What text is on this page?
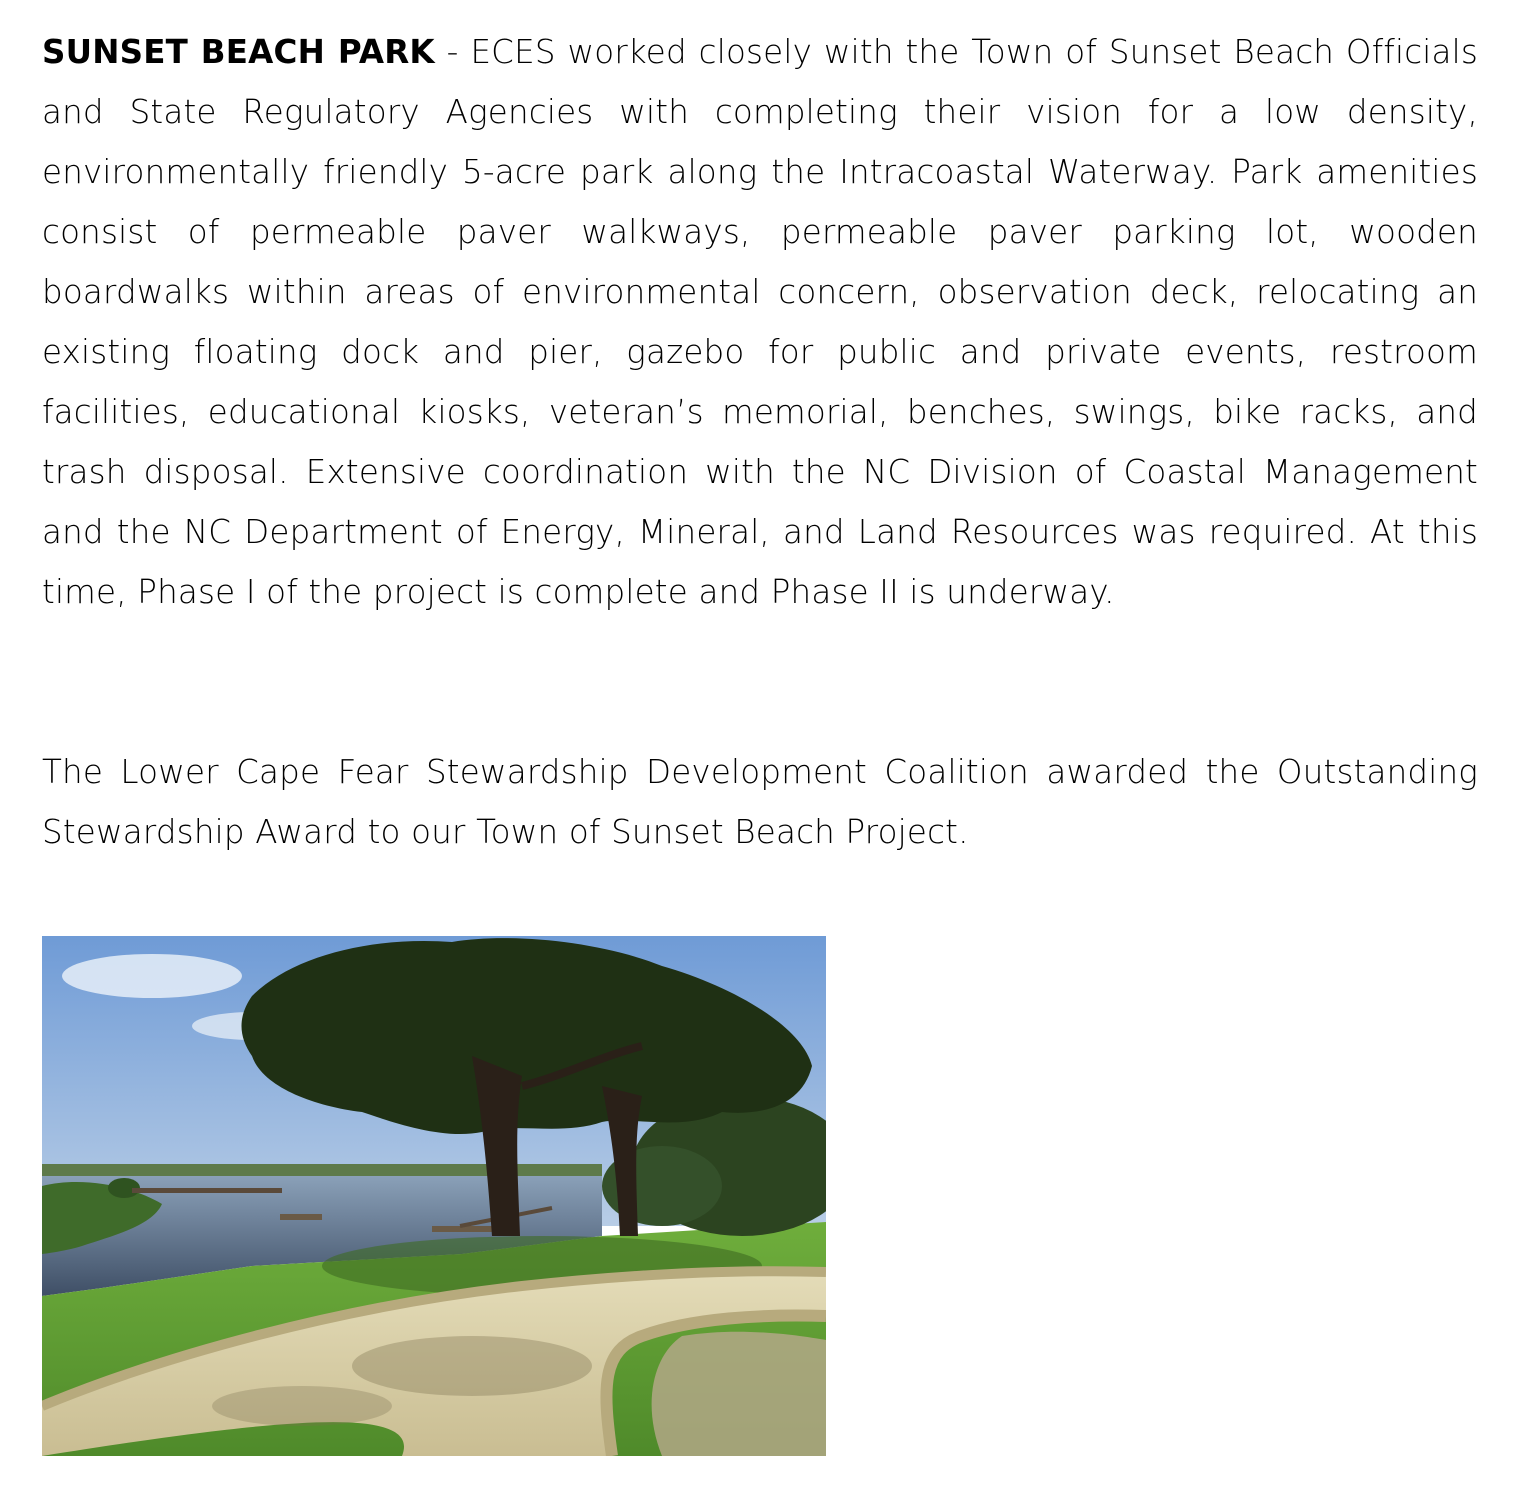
SUNSET BEACH PARK - ECES worked closely with the Town of Sunset Beach Officials and State Regulatory Agencies with completing their vision for a low density, environmentally friendly 5-acre park along the Intracoastal Waterway. Park amenities consist of permeable paver walkways, permeable paver parking lot, wooden boardwalks within areas of environmental concern, observation deck, relocating an existing floating dock and pier, gazebo for public and private events, restroom facilities, educational kiosks, veteran’s memorial, benches, swings, bike racks, and trash disposal. Extensive coordination with the NC Division of Coastal Management and the NC Department of Energy, Mineral, and Land Resources was required. At this time, Phase I of the project is complete and Phase II is underway.

The Lower Cape Fear Stewardship Development Coalition awarded the Outstanding Stewardship Award to our Town of Sunset Beach Project.
